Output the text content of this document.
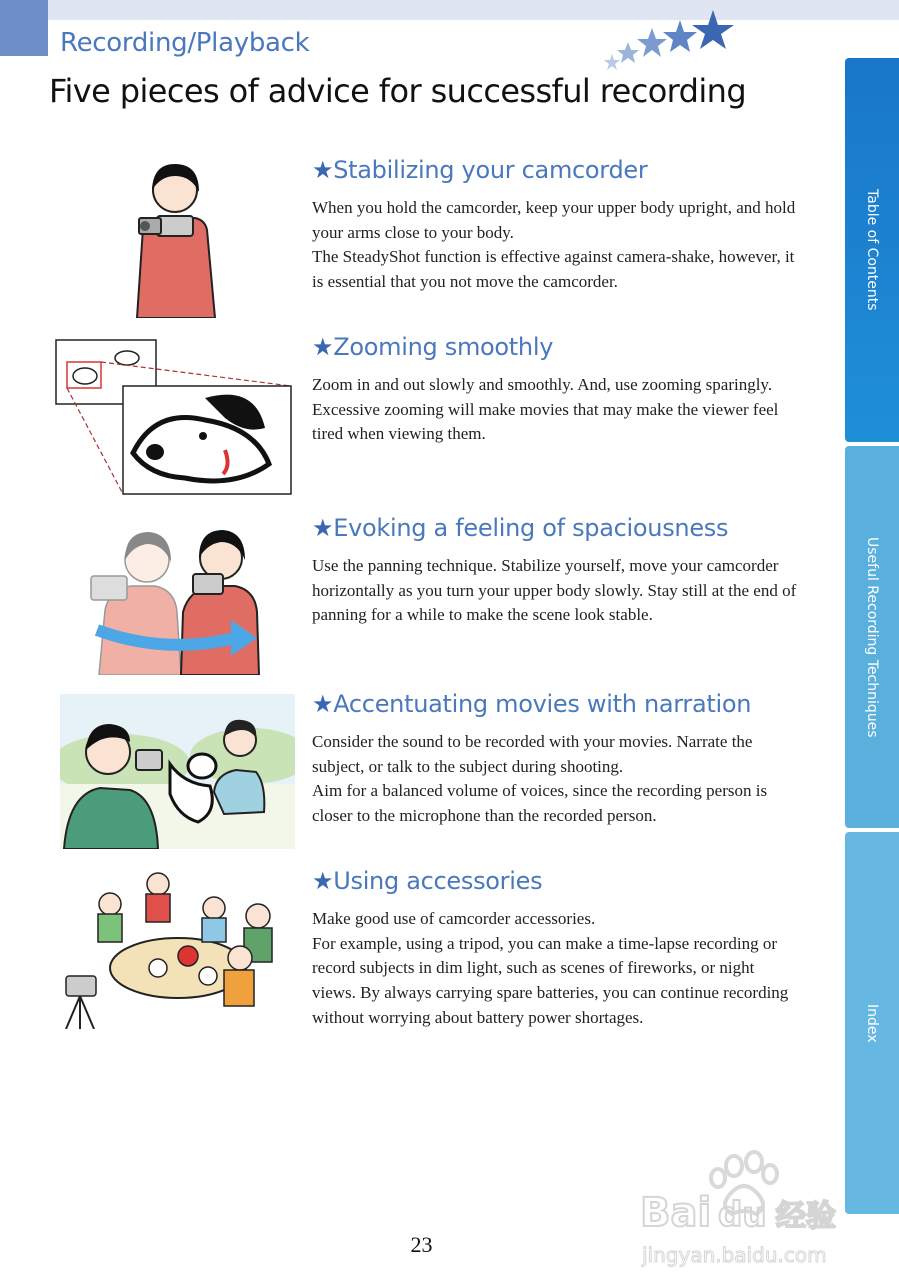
Recording/Playback
Five pieces of advice for successful recording
Table of Contents
Useful Recording Techniques
Index
★Stabilizing your camcorder

When you hold the camcorder, keep your upper body upright, and hold your arms close to your body.

The SteadyShot function is effective against camera-shake, however, it is essential that you not move the camcorder.

★Zooming smoothly

Zoom in and out slowly and smoothly. And, use zooming sparingly. Excessive zooming will make movies that may make the viewer feel tired when viewing them.

★Evoking a feeling of spaciousness

Use the panning technique. Stabilize yourself, move your camcorder horizontally as you turn your upper body slowly. Stay still at the end of panning for a while to make the scene look stable.

★Accentuating movies with narration

Consider the sound to be recorded with your movies. Narrate the subject, or talk to the subject during shooting.

Aim for a balanced volume of voices, since the recording person is closer to the microphone than the recorded person.

★Using accessories

Make good use of camcorder accessories.

For example, using a tripod, you can make a time-lapse recording or record subjects in dim light, such as scenes of fireworks, or night views. By always carrying spare batteries, you can continue recording without worrying about battery power shortages.

23
Bai du 经验
jingyan.baidu.com
